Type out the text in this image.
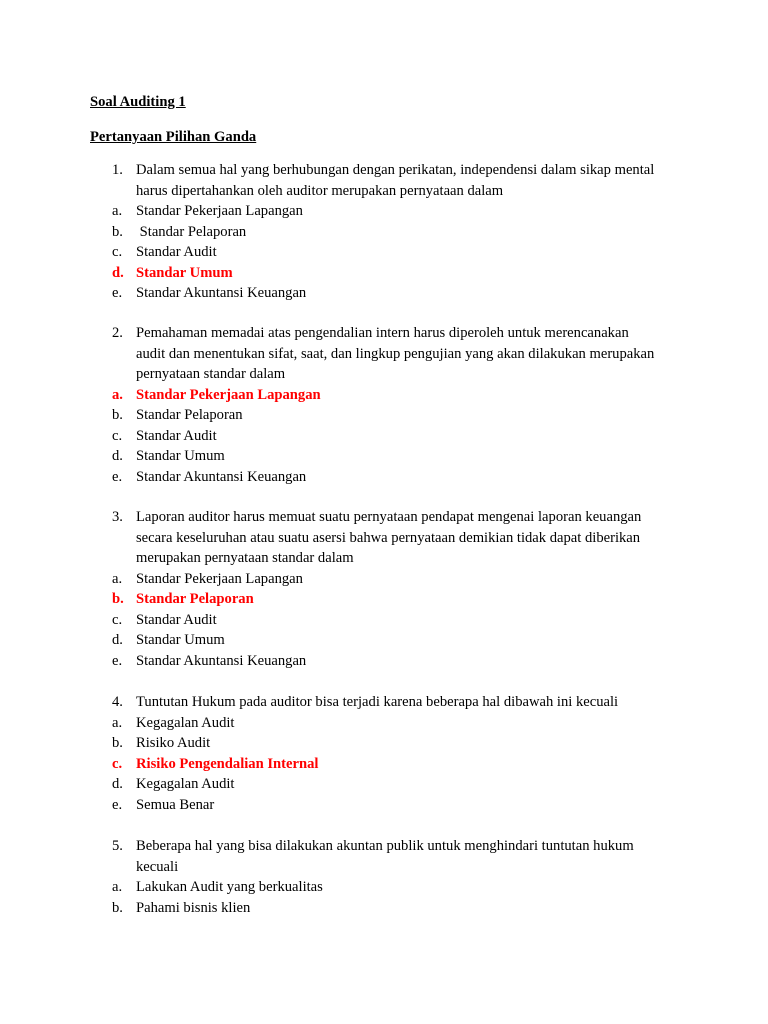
Soal Auditing 1
Pertanyaan Pilihan Ganda
1. Dalam semua hal yang berhubungan dengan perikatan, independensi dalam sikap mental
harus dipertahankan oleh auditor merupakan pernyataan dalam
a. Standar Pekerjaan Lapangan
b. Standar Pelaporan
c. Standar Audit
d. Standar Umum
e. Standar Akuntansi Keuangan
2. Pemahaman memadai atas pengendalian intern harus diperoleh untuk merencanakan
audit dan menentukan sifat, saat, dan lingkup pengujian yang akan dilakukan merupakan
pernyataan standar dalam
a. Standar Pekerjaan Lapangan
b. Standar Pelaporan
c. Standar Audit
d. Standar Umum
e. Standar Akuntansi Keuangan
3. Laporan auditor harus memuat suatu pernyataan pendapat mengenai laporan keuangan
secara keseluruhan atau suatu asersi bahwa pernyataan demikian tidak dapat diberikan
merupakan pernyataan standar dalam
a. Standar Pekerjaan Lapangan
b. Standar Pelaporan
c. Standar Audit
d. Standar Umum
e. Standar Akuntansi Keuangan
4. Tuntutan Hukum pada auditor bisa terjadi karena beberapa hal dibawah ini kecuali
a. Kegagalan Audit
b. Risiko Audit
c. Risiko Pengendalian Internal
d. Kegagalan Audit
e. Semua Benar
5. Beberapa hal yang bisa dilakukan akuntan publik untuk menghindari tuntutan hukum
kecuali
a. Lakukan Audit yang berkualitas
b. Pahami bisnis klien
